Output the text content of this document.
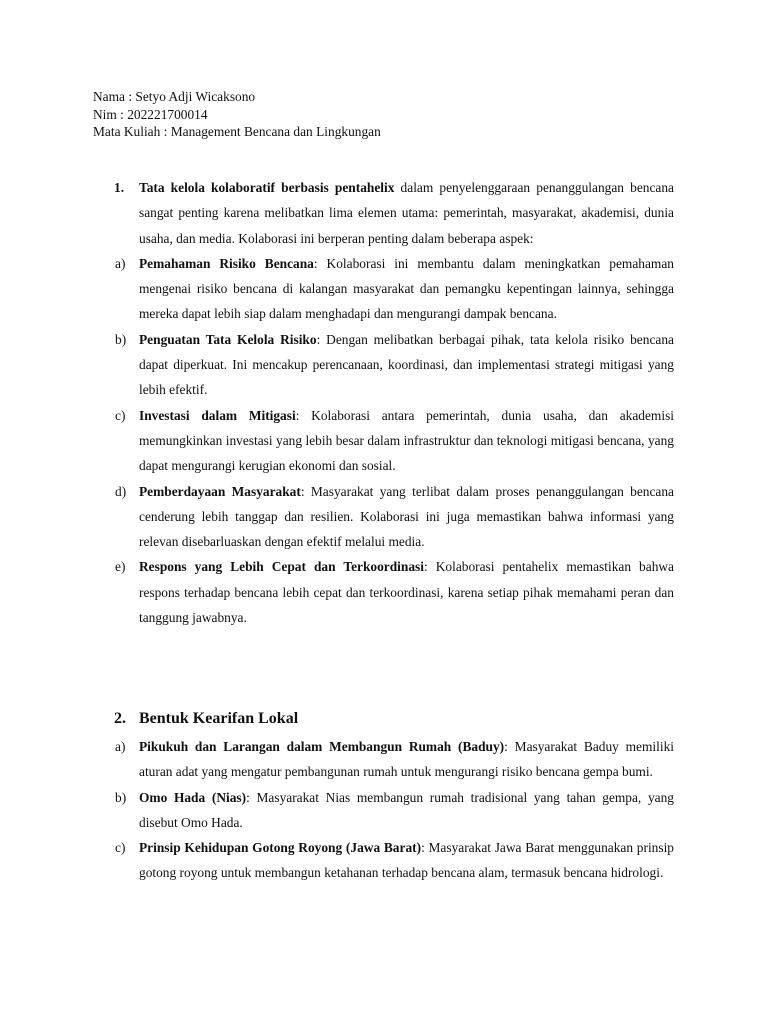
Nama : Setyo Adji Wicaksono
Nim : 202221700014
Mata Kuliah : Management Bencana dan Lingkungan
1. Tata kelola kolaboratif berbasis pentahelix dalam penyelenggaraan penanggulangan bencana sangat penting karena melibatkan lima elemen utama: pemerintah, masyarakat, akademisi, dunia usaha, dan media. Kolaborasi ini berperan penting dalam beberapa aspek:
a) Pemahaman Risiko Bencana: Kolaborasi ini membantu dalam meningkatkan pemahaman mengenai risiko bencana di kalangan masyarakat dan pemangku kepentingan lainnya, sehingga mereka dapat lebih siap dalam menghadapi dan mengurangi dampak bencana.
b) Penguatan Tata Kelola Risiko: Dengan melibatkan berbagai pihak, tata kelola risiko bencana dapat diperkuat. Ini mencakup perencanaan, koordinasi, dan implementasi strategi mitigasi yang lebih efektif.
c) Investasi dalam Mitigasi: Kolaborasi antara pemerintah, dunia usaha, dan akademisi memungkinkan investasi yang lebih besar dalam infrastruktur dan teknologi mitigasi bencana, yang dapat mengurangi kerugian ekonomi dan sosial.
d) Pemberdayaan Masyarakat: Masyarakat yang terlibat dalam proses penanggulangan bencana cenderung lebih tanggap dan resilien. Kolaborasi ini juga memastikan bahwa informasi yang relevan disebarluaskan dengan efektif melalui media.
e) Respons yang Lebih Cepat dan Terkoordinasi: Kolaborasi pentahelix memastikan bahwa respons terhadap bencana lebih cepat dan terkoordinasi, karena setiap pihak memahami peran dan tanggung jawabnya.
2. Bentuk Kearifan Lokal
a) Pikukuh dan Larangan dalam Membangun Rumah (Baduy): Masyarakat Baduy memiliki aturan adat yang mengatur pembangunan rumah untuk mengurangi risiko bencana gempa bumi.
b) Omo Hada (Nias): Masyarakat Nias membangun rumah tradisional yang tahan gempa, yang disebut Omo Hada.
c) Prinsip Kehidupan Gotong Royong (Jawa Barat): Masyarakat Jawa Barat menggunakan prinsip gotong royong untuk membangun ketahanan terhadap bencana alam, termasuk bencana hidrologi.
